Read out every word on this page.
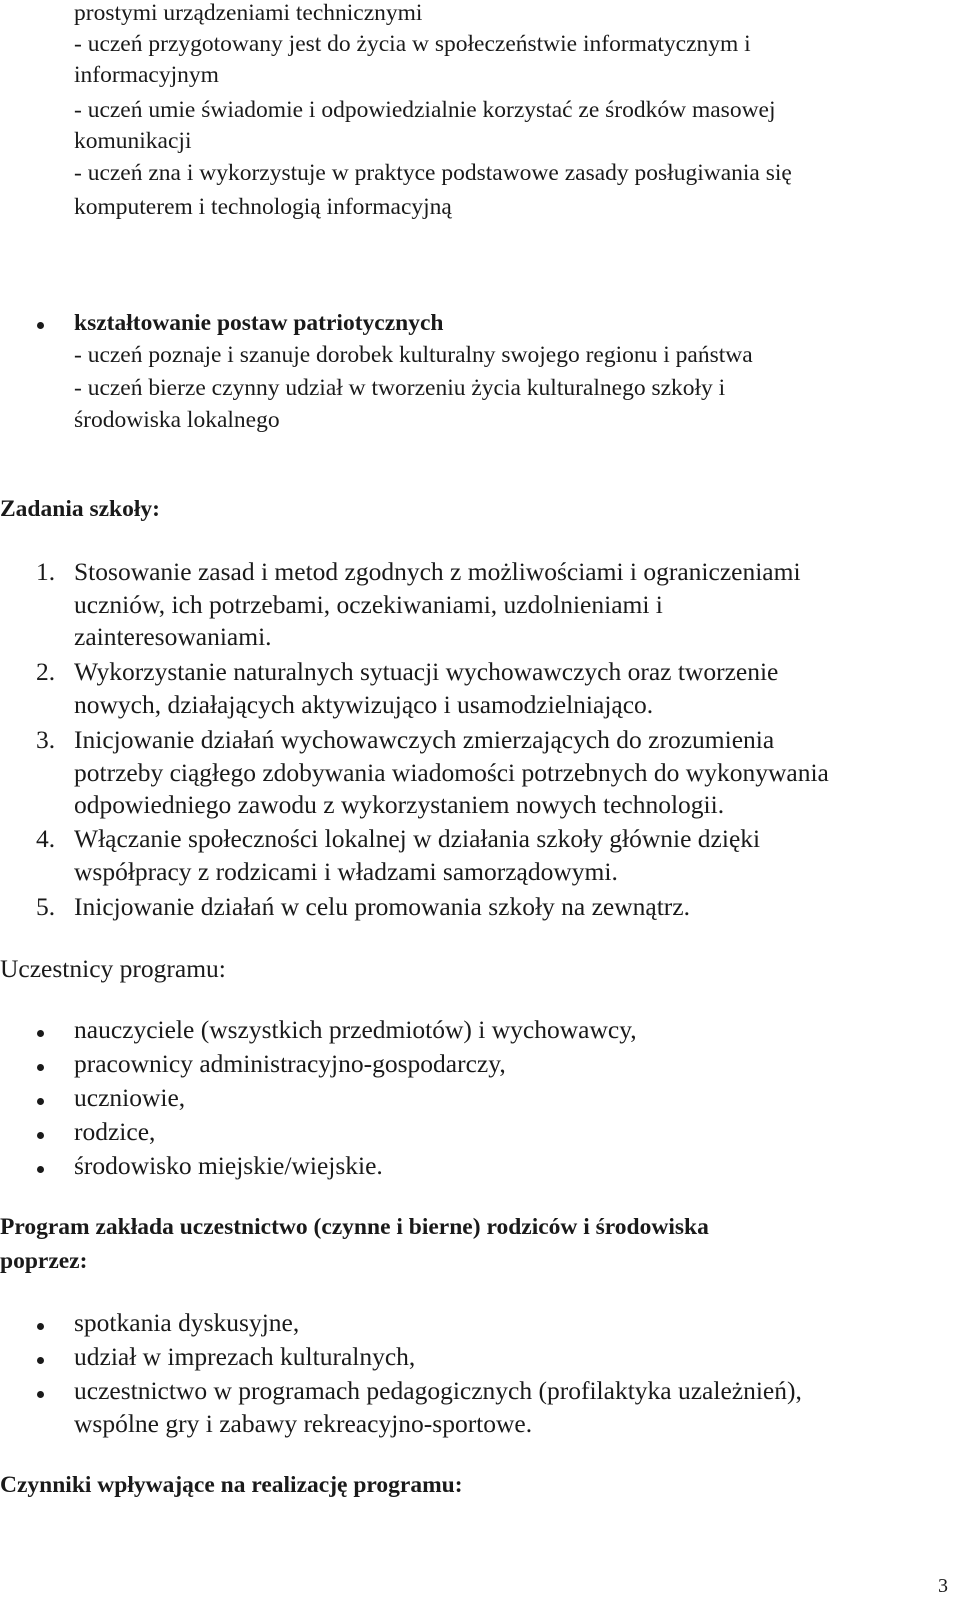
prostymi urządzeniami technicznymi

- uczeń przygotowany jest do życia w społeczeństwie informatycznym i

informacyjnym

- uczeń umie świadomie i odpowiedzialnie korzystać ze środków masowej

komunikacji

- uczeń zna i wykorzystuje w praktyce podstawowe zasady posługiwania się

komputerem i technologią informacyjną

kształtowanie postaw patriotycznych

- uczeń poznaje i szanuje dorobek kulturalny swojego regionu i państwa

- uczeń bierze czynny udział w tworzeniu życia kulturalnego szkoły i

środowiska lokalnego

Zadania szkoły:

1. Stosowanie zasad i metod zgodnych z możliwościami i ograniczeniami

uczniów, ich potrzebami, oczekiwaniami, uzdolnieniami i

zainteresowaniami.

2. Wykorzystanie naturalnych sytuacji wychowawczych oraz tworzenie

nowych, działających aktywizująco i usamodzielniająco.

3. Inicjowanie działań wychowawczych zmierzających do zrozumienia

potrzeby ciągłego zdobywania wiadomości potrzebnych do wykonywania

odpowiedniego zawodu z wykorzystaniem nowych technologii.

4. Włączanie społeczności lokalnej w działania szkoły głównie dzięki

współpracy z rodzicami i władzami samorządowymi.

5. Inicjowanie działań w celu promowania szkoły na zewnątrz.

Uczestnicy programu:

nauczyciele (wszystkich przedmiotów) i wychowawcy,

pracownicy administracyjno-gospodarczy,

uczniowie,

rodzice,

środowisko miejskie/wiejskie.

Program zakłada uczestnictwo (czynne i bierne) rodziców i środowiska

poprzez:

spotkania dyskusyjne,

udział w imprezach kulturalnych,

uczestnictwo w programach pedagogicznych (profilaktyka uzależnień),

wspólne gry i zabawy rekreacyjno-sportowe.

Czynniki wpływające na realizację programu:

3
